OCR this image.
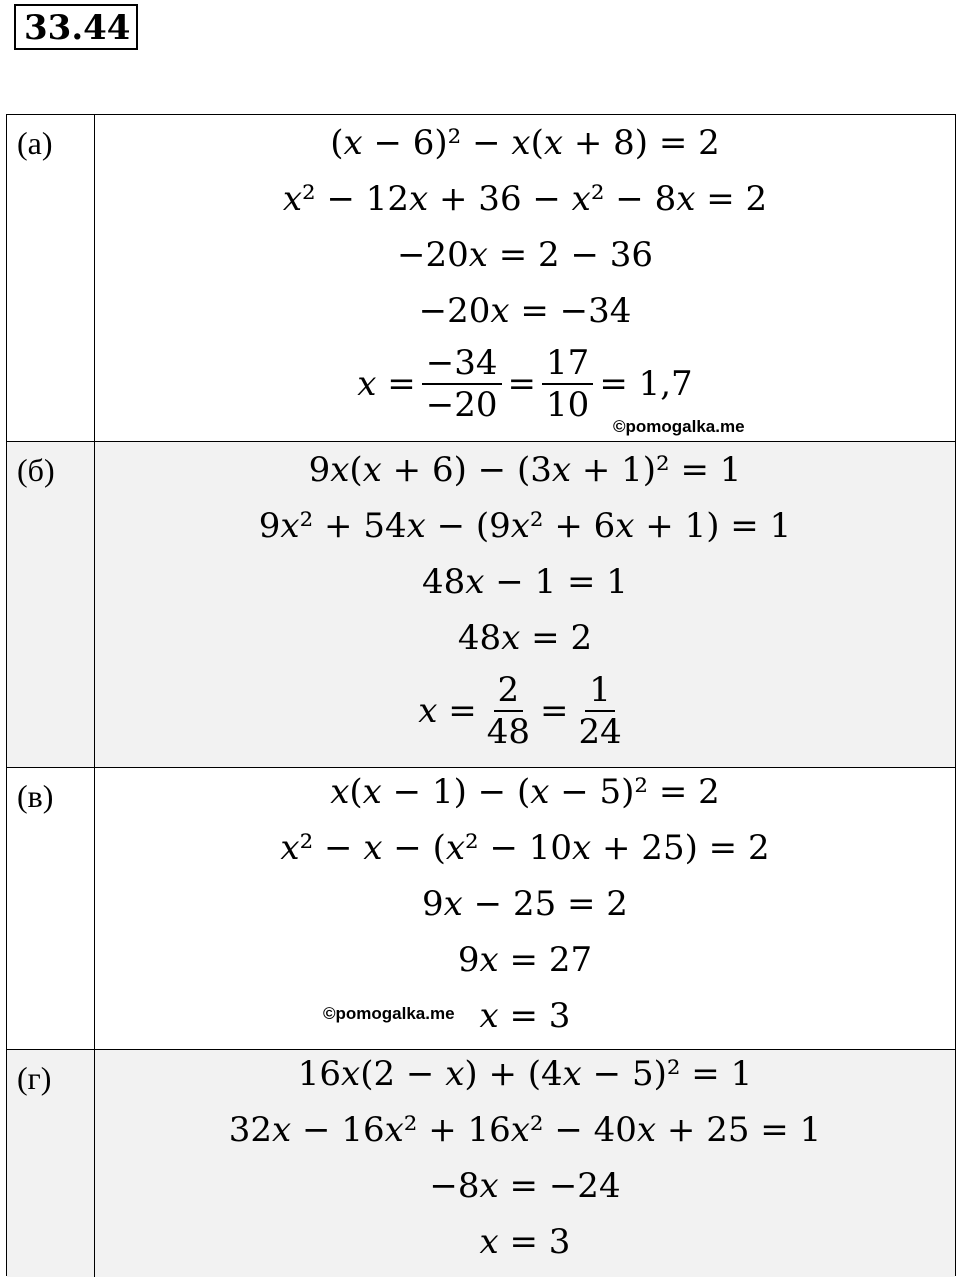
33.44
(а)	(𝑥 − 6)² − 𝑥(𝑥 + 8) = 2
𝑥² − 12𝑥 + 36 − 𝑥² − 8𝑥 = 2
−20𝑥 = 2 − 36
−20𝑥 = −34
𝑥 = $\frac{-34}{-20} = \frac{17}{10} = 1,7$
©pomogalka.me
(б)	9𝑥(𝑥 + 6) − (3𝑥 + 1)² = 1
9𝑥² + 54𝑥 − (9𝑥² + 6𝑥 + 1) = 1
48𝑥 − 1 = 1
48𝑥 = 2
𝑥 = $\frac{2}{48} = \frac{1}{24}$
(в)	𝑥(𝑥 − 1) − (𝑥 − 5)² = 2
𝑥² − 𝑥 − (𝑥² − 10𝑥 + 25) = 2
9𝑥 − 25 = 2
9𝑥 = 27
𝑥 = 3
©pomogalka.me
(г)	16𝑥(2 − 𝑥) + (4𝑥 − 5)² = 1
32𝑥 − 16𝑥² + 16𝑥² − 40𝑥 + 25 = 1
−8𝑥 = −24
𝑥 = 3
